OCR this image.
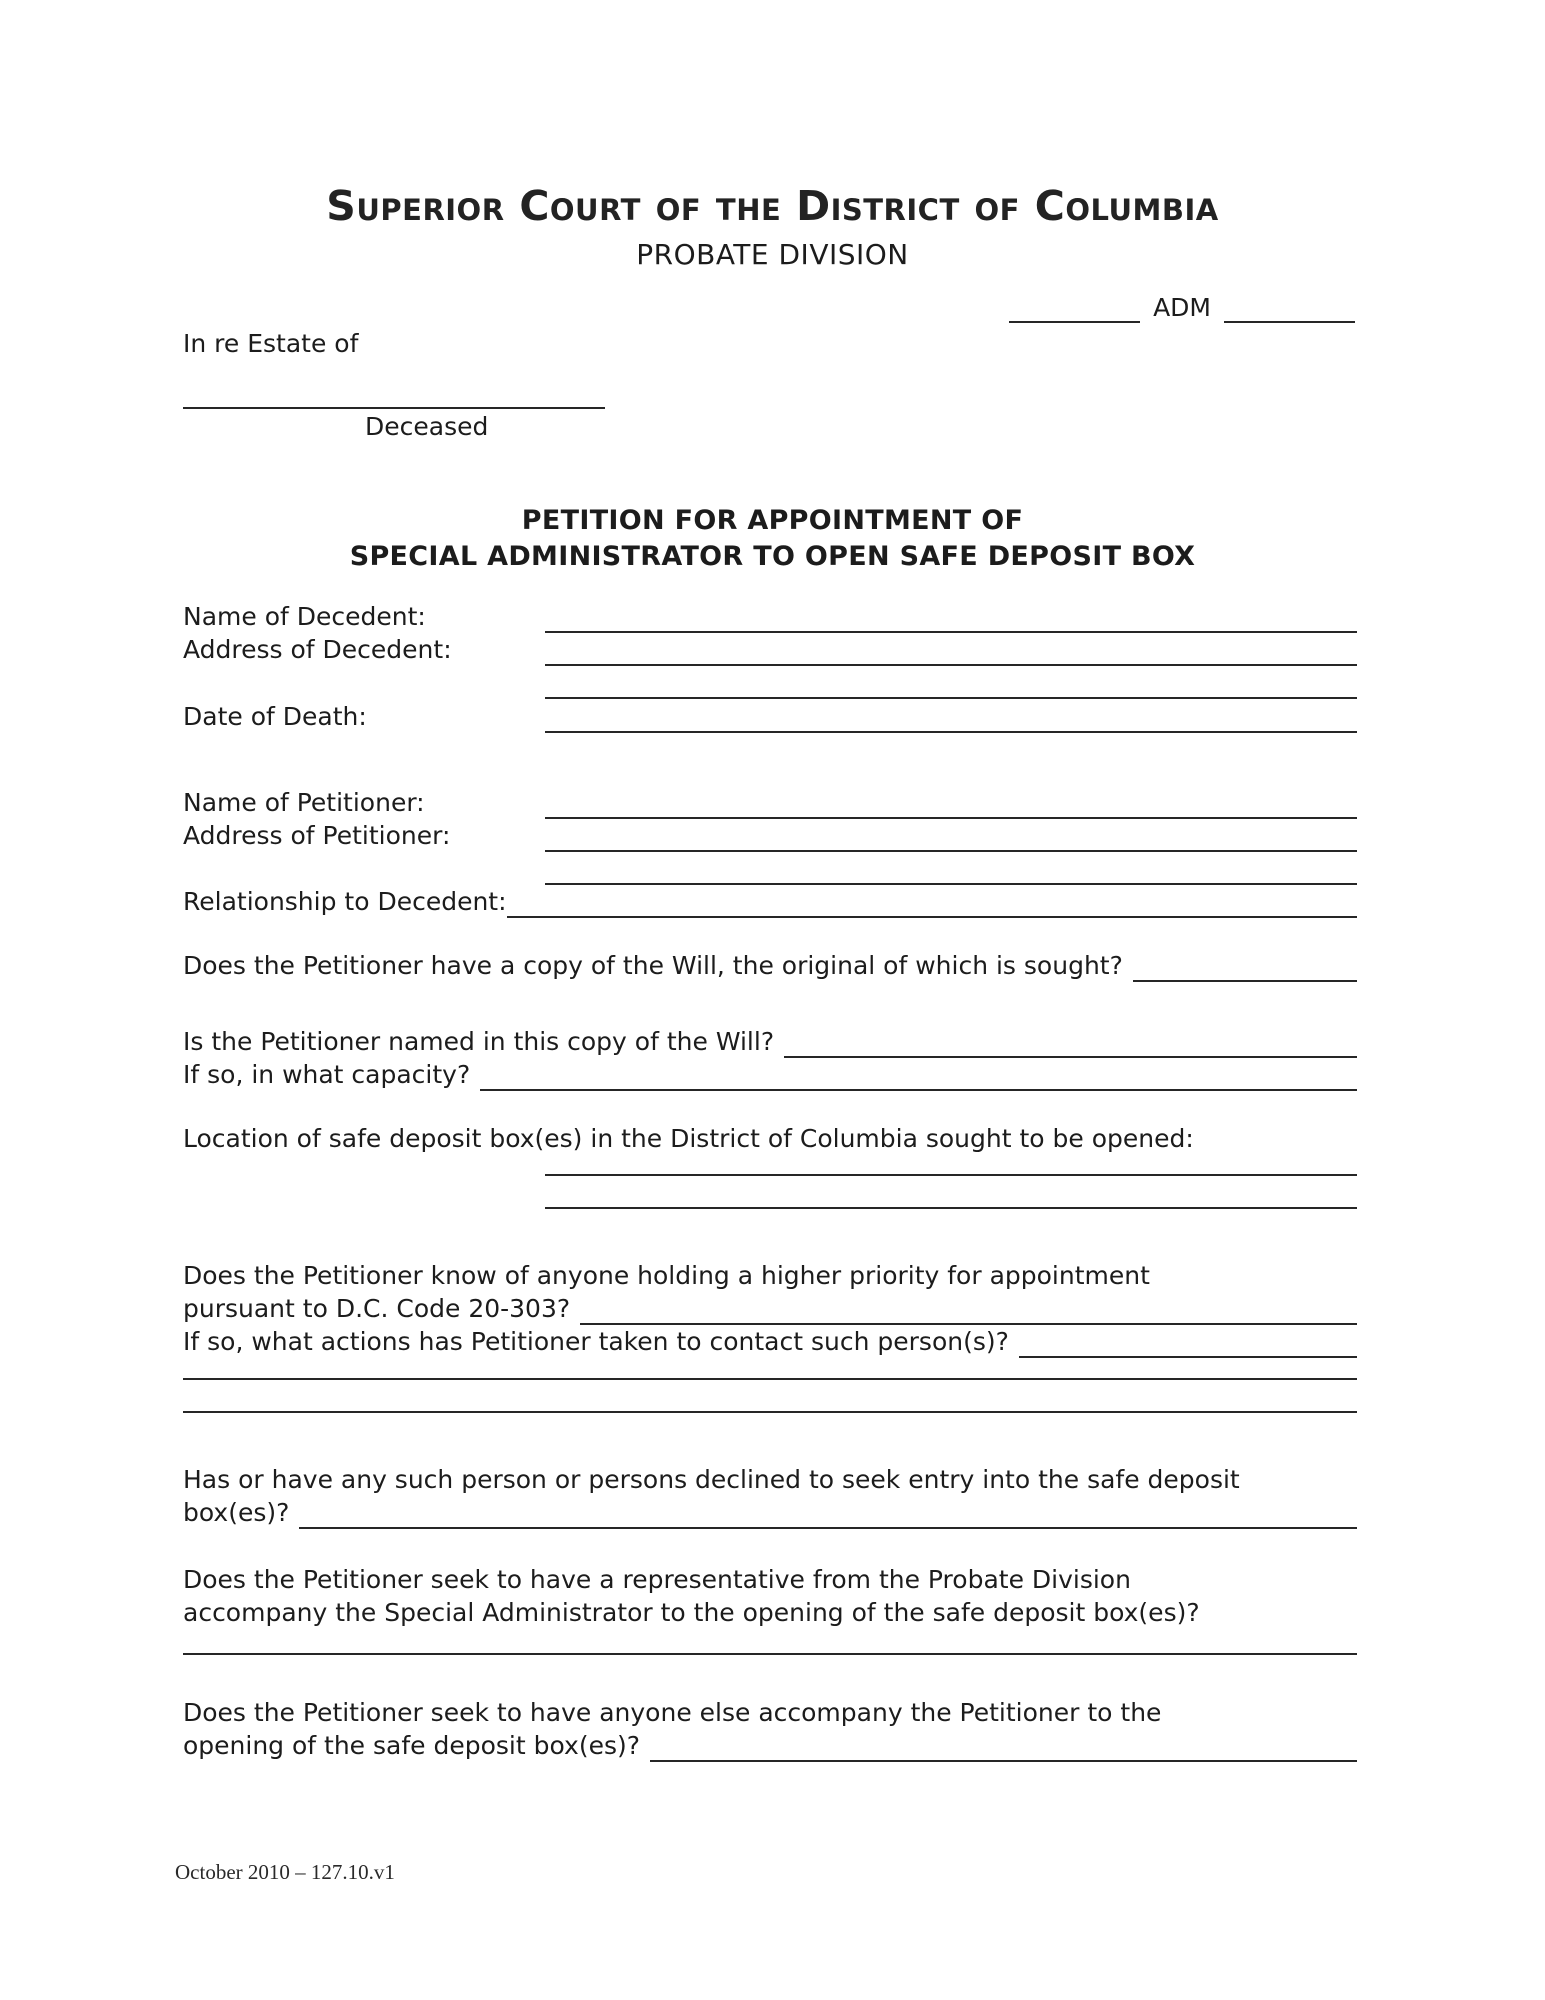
Superior Court of the District of Columbia
PROBATE DIVISION
ADM
In re Estate of
Deceased
PETITION FOR APPOINTMENT OF
SPECIAL ADMINISTRATOR TO OPEN SAFE DEPOSIT BOX
Name of Decedent:
Address of Decedent:
Date of Death:
Name of Petitioner:
Address of Petitioner:
Relationship to Decedent:
Does the Petitioner have a copy of the Will, the original of which is sought?
Is the Petitioner named in this copy of the Will?
If so, in what capacity?
Location of safe deposit box(es) in the District of Columbia sought to be opened:
Does the Petitioner know of anyone holding a higher priority for appointment
pursuant to D.C. Code 20-303?
If so, what actions has Petitioner taken to contact such person(s)?
Has or have any such person or persons declined to seek entry into the safe deposit
box(es)?
Does the Petitioner seek to have a representative from the Probate Division
accompany the Special Administrator to the opening of the safe deposit box(es)?
Does the Petitioner seek to have anyone else accompany the Petitioner to the
opening of the safe deposit box(es)?
October 2010 – 127.10.v1
